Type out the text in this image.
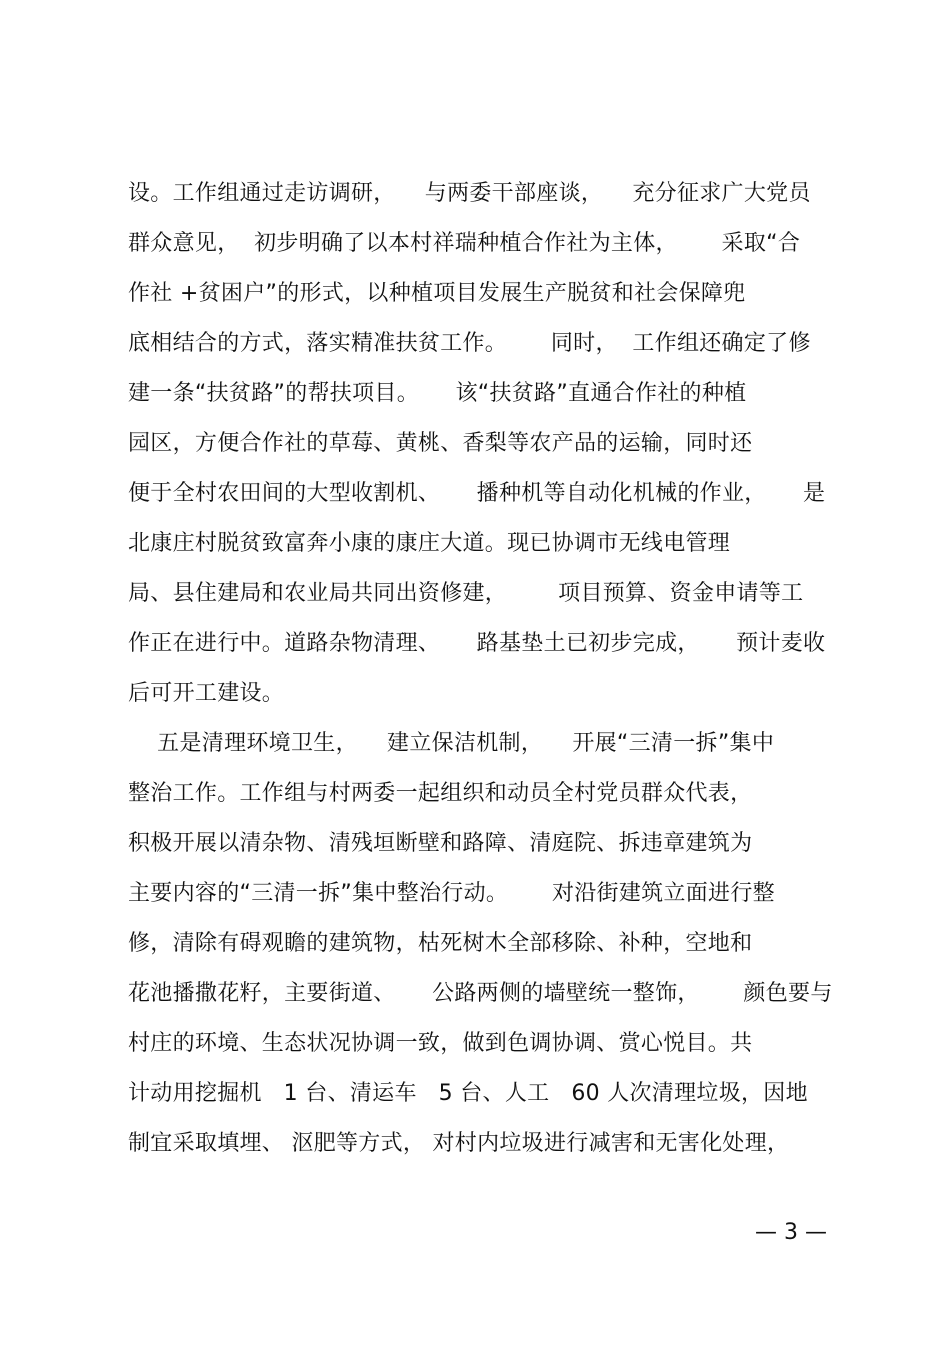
设。工作组通过走访调研，    与两委干部座谈，    充分征求广大党员
群众意见，  初步明确了以本村祥瑞种植合作社为主体，      采取“合
作社 +贫困户”的形式，以种植项目发展生产脱贫和社会保障兜
底相结合的方式，落实精准扶贫工作。      同时，  工作组还确定了修
建一条“扶贫路”的帮扶项目。     该“扶贫路”直通合作社的种植
园区，方便合作社的草莓、黄桃、香梨等农产品的运输，同时还
便于全村农田间的大型收割机、     播种机等自动化机械的作业，     是
北康庄村脱贫致富奔小康的康庄大道。现已协调市无线电管理
局、县住建局和农业局共同出资修建，       项目预算、资金申请等工
作正在进行中。道路杂物清理、     路基垫土已初步完成，     预计麦收
后可开工建设。
五是清理环境卫生，    建立保洁机制，    开展“三清一拆”集中
整治工作。工作组与村两委一起组织和动员全村党员群众代表，
积极开展以清杂物、清残垣断壁和路障、清庭院、拆违章建筑为
主要内容的“三清一拆”集中整治行动。      对沿街建筑立面进行整
修，清除有碍观瞻的建筑物，枯死树木全部移除、补种，空地和
花池播撒花籽，主要街道、     公路两侧的墙壁统一整饰，      颜色要与
村庄的环境、生态状况协调一致，做到色调协调、赏心悦目。共
计动用挖掘机   1 台、清运车   5 台、人工   60 人次清理垃圾，因地
制宜采取填埋、 沤肥等方式， 对村内垃圾进行减害和无害化处理，
— 3 —
